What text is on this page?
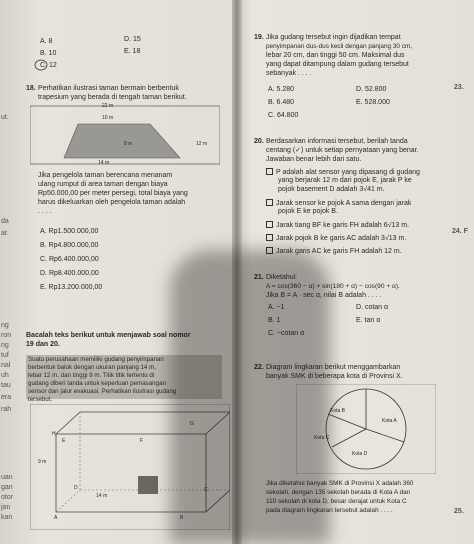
A. 8	D. 15
B. 10	E. 18
C. 12
18. Perhatikan ilustrasi taman bermain berbentuk
trapesium yang berada di tengah taman berikut.
22 m
10 m
12 m
8 m
14 m
Jika pengelola taman berencana menanam
ulang rumput di area taman dengan biaya
Rp50.000,00 per meter persegi, total biaya yang
harus dikeluarkan oleh pengelola taman adalah
. . . .
A. Rp1.500.000,00
B. Rp4.800.000,00
C. Rp6.400.000,00
D. Rp8.400.000,00
E. Rp13.200.000,00
Bacalah teks berikut untuk menjawab soal nomor
19 dan 20.
Suatu perusahaan memiliki gudang penyimpanan
berbentuk balok dengan ukuran panjang 14 m,
lebar 12 m, dan tinggi 9 m. Titik titik tertentu di
gudang diberi tanda untuk keperluan pemasangan
sensor dan jalur evakuasi. Perhatikan ilustrasi gudang
tersebut.
9 m
14 m
H
E	F
G
A	B
C
D
ut.
da
ar.
ng
ron
ng
tuf
nal
uh
tau
era
rah
uan
gan
otor
jan
kan
19. Jika gudang tersebut ingin dijadikan tempat
penyimpanan dus-dus kecil dengan panjang 30 cm,
lebar 20 cm, dan tinggi 50 cm. Maksimal dus
yang dapat ditampung dalam gudang tersebut
sebanyak . . . .
A. 5.280	D. 52.800
B. 6.480	E. 528.000
C. 64.800
20. Berdasarkan informasi tersebut, berilah tanda
centang (✓) untuk setiap pernyataan yang benar.
Jawaban benar lebih dari satu.
P adalah alat sensor yang dipasang di gudang
yang berjarak 12 m dari pojok E, jarak P ke
pojok basement D adalah 3√41 m.
Jarak sensor ke pojok A sama dengan jarak
pojok E ke pojok B.
Jarak tiang BF ke garis FH adalah 6√13 m.
Jarak pojok B ke garis AC adalah 3√13 m.
Jarak garis AC ke garis FH adalah 12 m.
21. Diketahui:
A = cos(360 − α) + sin(180 + α) − cos(90 + α).
Jika B = A · sec α, nilai B adalah . . . .
A. −1	D. cotan α
B. 1	E. tan α
C. −cotan α
22. Diagram lingkaran berikut menggambarkan
banyak SMK di beberapa kota di Provinsi X.
Kota B
Kota A
Kota C
Kota D
Jika diketahui banyak SMK di Provinsi X adalah 360
sekolah, dengan 135 sekolah berada di Kota A dan
110 sekolah di kota D, besar derajat untuk Kota C
pada diagram lingkaran tersebut adalah . . . .
23.
24. F
25.
